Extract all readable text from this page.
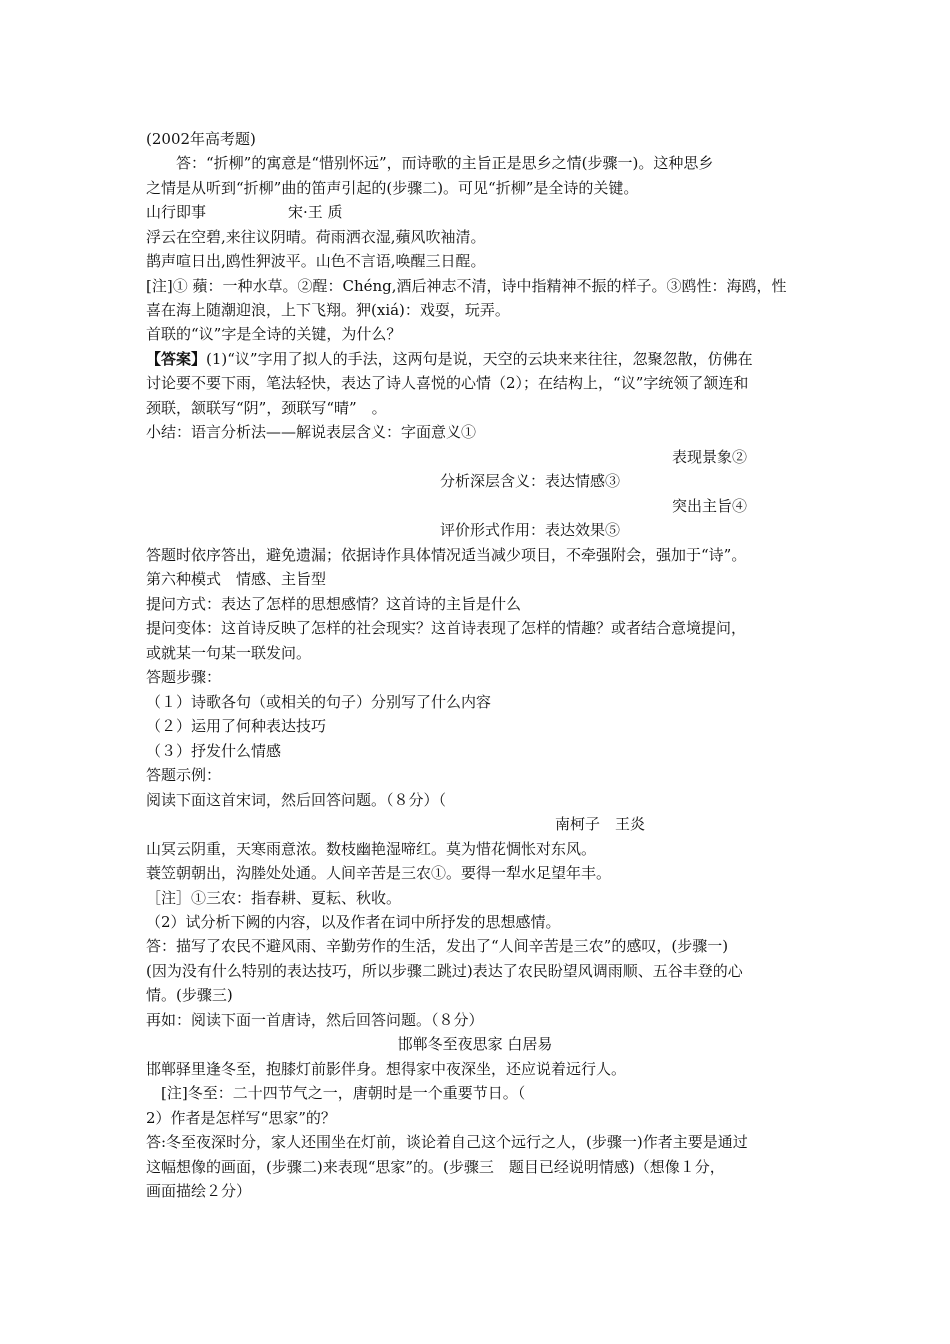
(2002年高考题)
答：“折柳”的寓意是“惜别怀远”，而诗歌的主旨正是思乡之情(步骤一)。这种思乡
之情是从听到“折柳”曲的笛声引起的(步骤二)。可见“折柳”是全诗的关键。
山行即事	宋·王 质
浮云在空碧,来往议阴晴。荷雨洒衣湿,蘋风吹袖清。
鹊声喧日出,鸥性狎波平。山色不言语,唤醒三日酲。
[注]① 蘋：一种水草。②酲：Chéng,酒后神志不清，诗中指精神不振的样子。③鸥性：海鸥，性
喜在海上随潮迎浪，上下飞翔。狎(xiá)：戏耍，玩弄。
首联的“议”字是全诗的关键，为什么？
【答案】(1)“议”字用了拟人的手法，这两句是说，天空的云块来来往往，忽聚忽散，仿佛在
讨论要不要下雨，笔法轻快，表达了诗人喜悦的心情（2）；在结构上，“议”字统领了颔连和
颈联，颔联写“阴”，颈联写“晴”　。
小结：语言分析法——解说表层含义：字面意义①
表现景象②
分析深层含义：表达情感③
突出主旨④
评价形式作用：表达效果⑤
答题时依序答出，避免遗漏；依据诗作具体情况适当减少项目，不牵强附会，强加于“诗”。
第六种模式　情感、主旨型
提问方式：表达了怎样的思想感情？这首诗的主旨是什么
提问变体：这首诗反映了怎样的社会现实？这首诗表现了怎样的情趣？或者结合意境提问，
或就某一句某一联发问。
答题步骤：
（１）诗歌各句（或相关的句子）分别写了什么内容
（２）运用了何种表达技巧
（３）抒发什么情感
答题示例：
阅读下面这首宋词，然后回答问题。（８分）（
南柯子　王炎
山冥云阴重，天寒雨意浓。数枝幽艳湿啼红。莫为惜花惆怅对东风。
蓑笠朝朝出，沟塍处处通。人间辛苦是三农①。要得一犁水足望年丰。
［注］①三农：指春耕、夏耘、秋收。
（2）试分析下阙的内容，以及作者在词中所抒发的思想感情。
答：描写了农民不避风雨、辛勤劳作的生活，发出了“人间辛苦是三农”的感叹，(步骤一)
(因为没有什么特别的表达技巧，所以步骤二跳过)表达了农民盼望风调雨顺、五谷丰登的心
情。(步骤三)
再如：阅读下面一首唐诗，然后回答问题。（８分）
邯郸冬至夜思家 白居易
邯郸驿里逢冬至，抱膝灯前影伴身。想得家中夜深坐，还应说着远行人。
[注]冬至：二十四节气之一，唐朝时是一个重要节日。（
2）作者是怎样写“思家”的？
答:冬至夜深时分，家人还围坐在灯前，谈论着自己这个远行之人，(步骤一)作者主要是通过
这幅想像的画面，(步骤二)来表现“思家”的。(步骤三　题目已经说明情感)（想像１分，
画面描绘２分）
